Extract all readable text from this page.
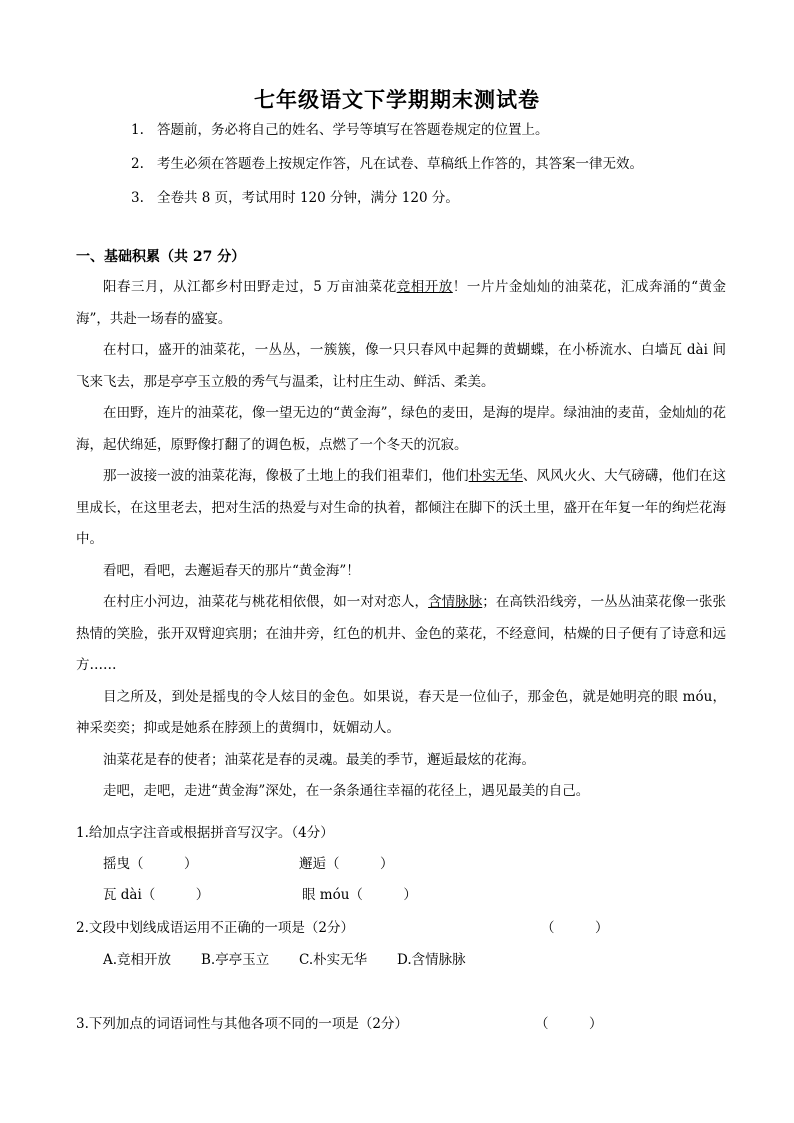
七年级语文下学期期末测试卷
1. 答题前，务必将自己的姓名、学号等填写在答题卷规定的位置上。
2. 考生必须在答题卷上按规定作答，凡在试卷、草稿纸上作答的，其答案一律无效。
3. 全卷共 8 页，考试用时 120 分钟，满分 120 分。
一、基础积累（共 27 分）

阳春三月，从江都乡村田野走过，5 万亩油菜花竞相开放！一片片金灿灿的油菜花，汇成奔涌的“黄金海”，共赴一场春的盛宴。

在村口，盛开的油菜花，一丛丛，一簇簇，像一只只春风中起舞的黄蝴蝶，在小桥流水、白墙瓦 dài 间飞来飞去，那是亭亭玉立般的秀气与温柔，让村庄生动、鲜活、柔美。

在田野，连片的油菜花，像一望无边的“黄金海”，绿色的麦田，是海的堤岸。绿油油的麦苗，金灿灿的花海，起伏绵延，原野像打翻了的调色板，点燃了一个冬天的沉寂。

那一波接一波的油菜花海，像极了土地上的我们祖辈们，他们朴实无华、风风火火、大气磅礴，他们在这里成长，在这里老去，把对生活的热爱与对生命的执着，都倾注在脚下的沃土里，盛开在年复一年的绚烂花海中。

看吧，看吧，去邂逅春天的那片“黄金海”！

在村庄小河边，油菜花与桃花相依偎，如一对对恋人，含情脉脉；在高铁沿线旁，一丛丛油菜花像一张张热情的笑脸，张开双臂迎宾朋；在油井旁，红色的机井、金色的菜花，不经意间，枯燥的日子便有了诗意和远方……

目之所及，到处是摇曳的令人炫目的金色。如果说，春天是一位仙子，那金色，就是她明亮的眼 móu，神采奕奕；抑或是她系在脖颈上的黄绸巾，妩媚动人。

油菜花是春的使者；油菜花是春的灵魂。最美的季节，邂逅最炫的花海。

走吧，走吧，走进“黄金海”深处，在一条条通往幸福的花径上，遇见最美的自己。

1.给加点字注音或根据拼音写汉字。（4分）
摇曳（　　　）	邂逅（　　　）
瓦 dài（　　　）	眼 móu（　　　）
2.文段中划线成语运用不正确的一项是（2分）	（　　　）
A.竞相开放 B.亭亭玉立 C.朴实无华 D.含情脉脉
3.下列加点的词语词性与其他各项不同的一项是（2分）	（　　　）
